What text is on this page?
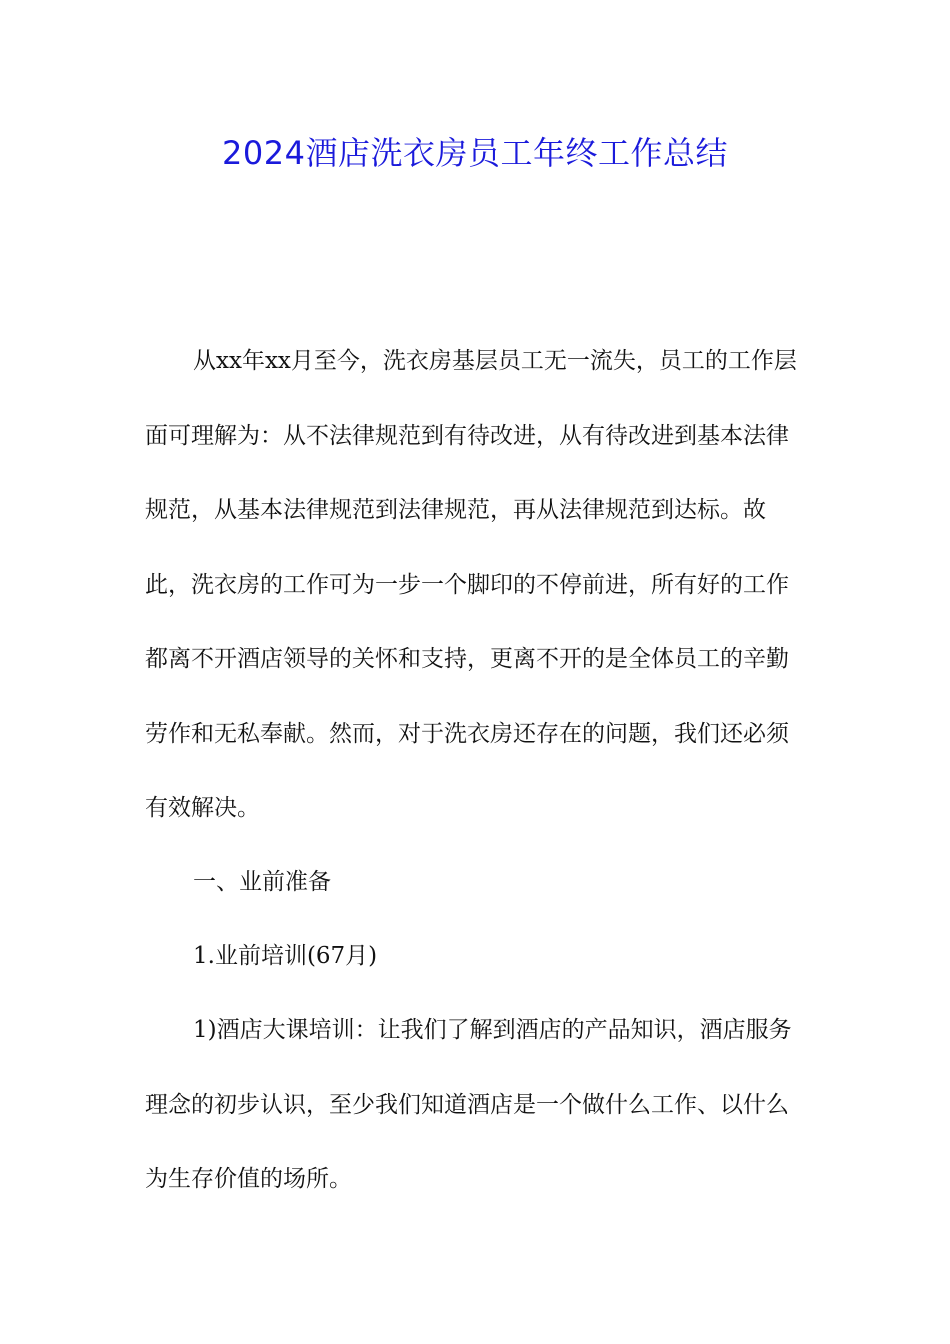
2024酒店洗衣房员工年终工作总结

从xx年xx月至今，洗衣房基层员工无一流失，员工的工作层面可理解为：从不法律规范到有待改进，从有待改进到基本法律规范，从基本法律规范到法律规范，再从法律规范到达标。故此，洗衣房的工作可为一步一个脚印的不停前进，所有好的工作都离不开酒店领导的关怀和支持，更离不开的是全体员工的辛勤劳作和无私奉献。然而，对于洗衣房还存在的问题，我们还必须有效解决。

一、业前准备

1.业前培训(67月)

1)酒店大课培训：让我们了解到酒店的产品知识，酒店服务理念的初步认识，至少我们知道酒店是一个做什么工作、以什么为生存价值的场所。
